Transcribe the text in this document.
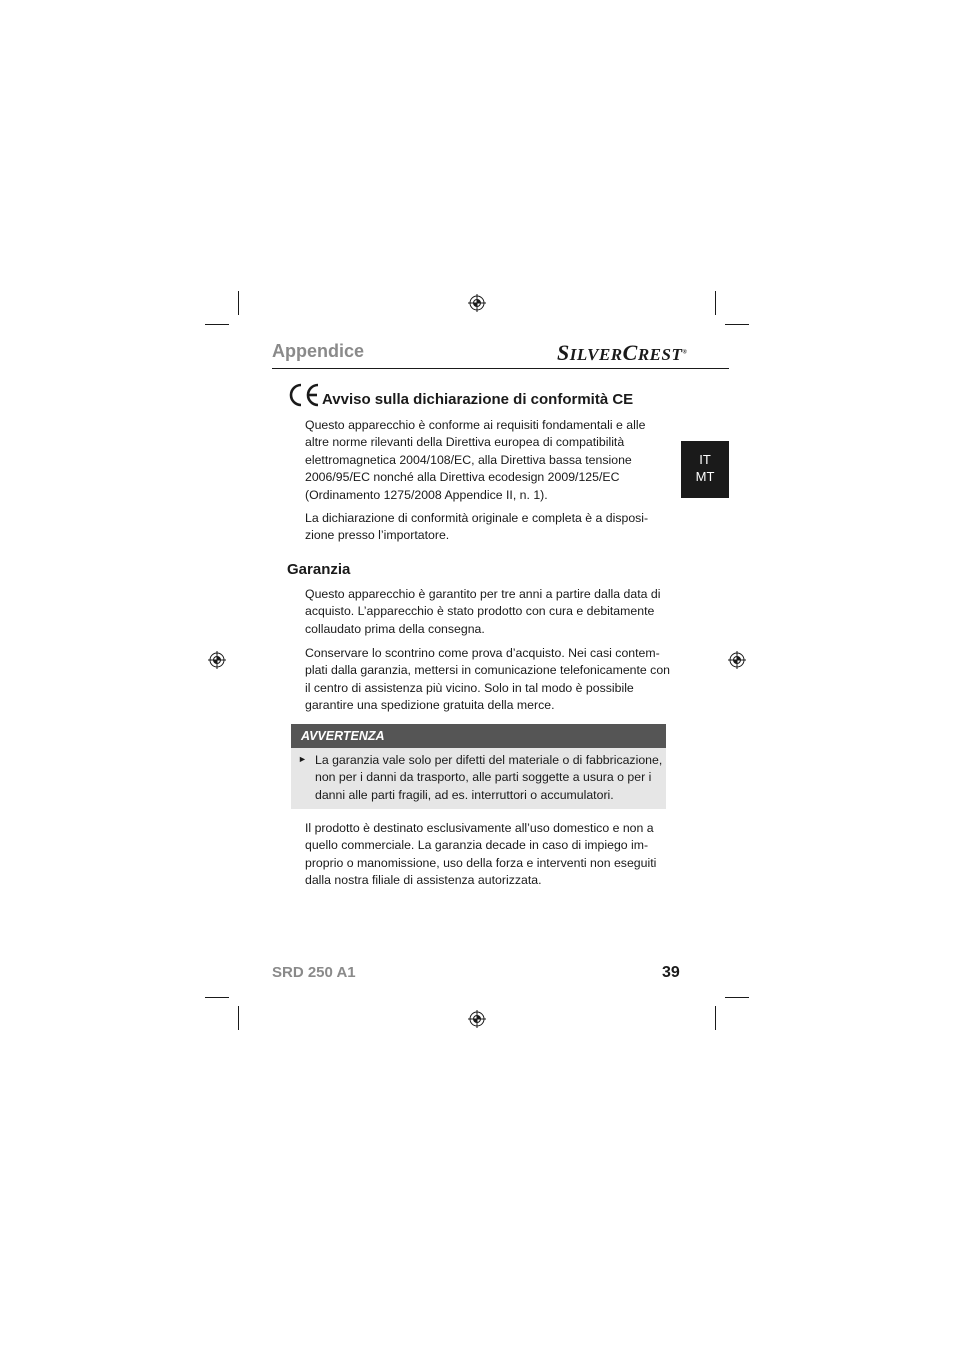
Appendice	SILVERCREST®
IT
MT
Avviso sulla dichiarazione di conformità CE
Questo apparecchio è conforme ai requisiti fondamentali e alle altre norme rilevanti della Direttiva europea di compatibilità elettromagnetica 2004/108/EC, alla Direttiva bassa tensione 2006/95/EC nonché alla Direttiva ecodesign 2009/125/EC (Ordinamento 1275/2008 Appendice II, n. 1).
La dichiarazione di conformità originale e completa è a disposi-zione presso l’importatore.
Garanzia
Questo apparecchio è garantito per tre anni a partire dalla data di acquisto. L’apparecchio è stato prodotto con cura e debitamente collaudato prima della consegna.
Conservare lo scontrino come prova d’acquisto. Nei casi contem-plati dalla garanzia, mettersi in comunicazione telefonicamente con il centro di assistenza più vicino. Solo in tal modo è possibile garantire una spedizione gratuita della merce.
AVVERTENZA
► La garanzia vale solo per difetti del materiale o di fabbricazione, non per i danni da trasporto, alle parti soggette a usura o per i danni alle parti fragili, ad es. interruttori o accumulatori.
Il prodotto è destinato esclusivamente all’uso domestico e non a quello commerciale. La garanzia decade in caso di impiego im-proprio o manomissione, uso della forza e interventi non eseguiti dalla nostra filiale di assistenza autorizzata.
SRD 250 A1	39
